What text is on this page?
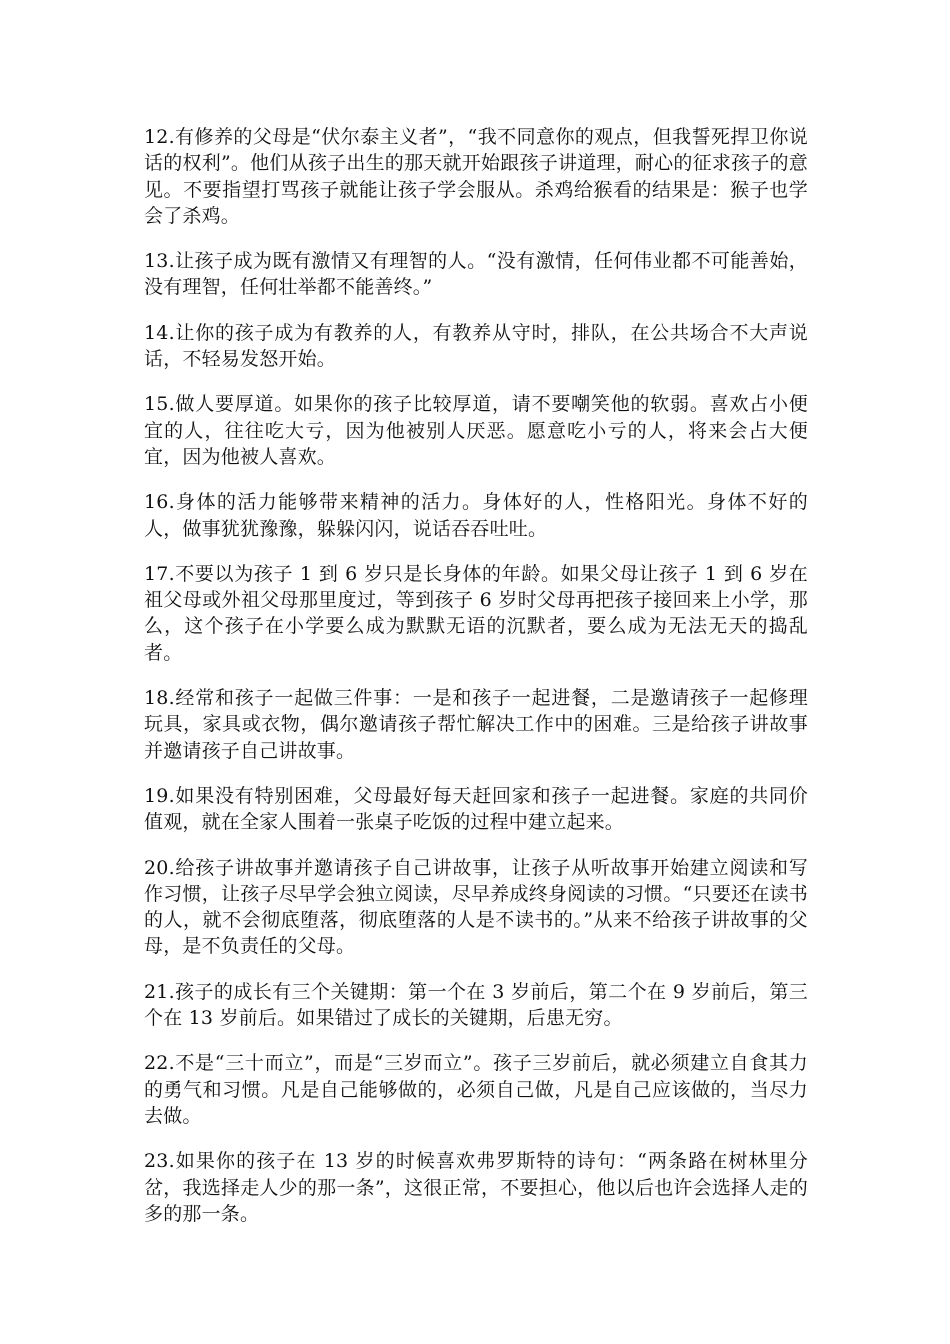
12.有修养的父母是“伏尔泰主义者”，“我不同意你的观点，但我誓死捍卫你说话的权利”。他们从孩子出生的那天就开始跟孩子讲道理，耐心的征求孩子的意见。不要指望打骂孩子就能让孩子学会服从。杀鸡给猴看的结果是：猴子也学会了杀鸡。

13.让孩子成为既有激情又有理智的人。“没有激情，任何伟业都不可能善始，没有理智，任何壮举都不能善终。”

14.让你的孩子成为有教养的人，有教养从守时，排队，在公共场合不大声说话，不轻易发怒开始。

15.做人要厚道。如果你的孩子比较厚道，请不要嘲笑他的软弱。喜欢占小便宜的人，往往吃大亏，因为他被别人厌恶。愿意吃小亏的人，将来会占大便宜，因为他被人喜欢。

16.身体的活力能够带来精神的活力。身体好的人，性格阳光。身体不好的人，做事犹犹豫豫，躲躲闪闪，说话吞吞吐吐。

17.不要以为孩子 1 到 6 岁只是长身体的年龄。如果父母让孩子 1 到 6 岁在祖父母或外祖父母那里度过，等到孩子 6 岁时父母再把孩子接回来上小学，那么，这个孩子在小学要么成为默默无语的沉默者，要么成为无法无天的捣乱者。

18.经常和孩子一起做三件事：一是和孩子一起进餐，二是邀请孩子一起修理玩具，家具或衣物，偶尔邀请孩子帮忙解决工作中的困难。三是给孩子讲故事并邀请孩子自己讲故事。

19.如果没有特别困难，父母最好每天赶回家和孩子一起进餐。家庭的共同价值观，就在全家人围着一张桌子吃饭的过程中建立起来。

20.给孩子讲故事并邀请孩子自己讲故事，让孩子从听故事开始建立阅读和写作习惯，让孩子尽早学会独立阅读，尽早养成终身阅读的习惯。“只要还在读书的人，就不会彻底堕落，彻底堕落的人是不读书的。”从来不给孩子讲故事的父母，是不负责任的父母。

21.孩子的成长有三个关键期：第一个在 3 岁前后，第二个在 9 岁前后，第三个在 13 岁前后。如果错过了成长的关键期，后患无穷。

22.不是“三十而立”，而是“三岁而立”。孩子三岁前后，就必须建立自食其力的勇气和习惯。凡是自己能够做的，必须自己做，凡是自己应该做的，当尽力去做。

23.如果你的孩子在 13 岁的时候喜欢弗罗斯特的诗句：“两条路在树林里分岔，我选择走人少的那一条”，这很正常，不要担心，他以后也许会选择人走的多的那一条。
